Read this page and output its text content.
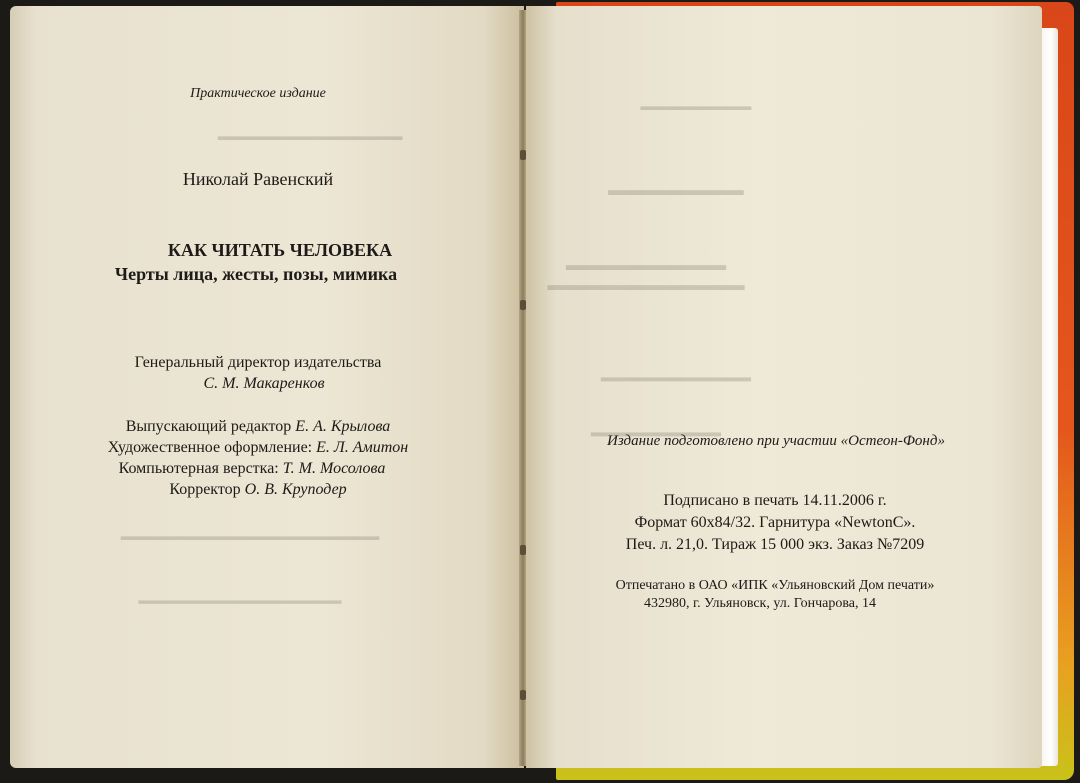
Практическое издание

Николай Равенский

КАК ЧИТАТЬ ЧЕЛОВЕКА

Черты лица, жесты, позы, мимика

Генеральный директор издательства

С. М. Макаренков

Выпускающий редактор Е. А. Крылова

Художественное оформление: Е. Л. Амитон

Компьютерная верстка: Т. М. Мосолова

Корректор О. В. Круподер

▂▂▂▂▂▂▂▂▂▂▂▂▂▂▂▂▂▂▂▂
▂▂▂▂▂▂▂▂▂▂▂▂▂▂▂▂▂▂▂▂▂▂▂▂▂▂▂▂
▂▂▂▂▂▂▂▂▂▂▂▂▂▂▂▂▂▂▂▂▂▂▂▂
▂▂▂▂▂▂▂▂▂▂▂▂
▂▂▂▂▂▂▂▂▂▂▂
▂▂▂▂▂▂▂▂▂▂▂▂▂
▂▂▂▂▂▂▂▂▂▂▂▂▂▂▂▂
▂▂▂▂▂▂▂▂▂▂▂▂▂▂▂
▂▂▂▂▂▂▂▂▂▂▂▂▂

Издание подготовлено при участии «Остеон-Фонд»

Подписано в печать 14.11.2006 г.

Формат 60x84/32. Гарнитура «NewtonC».

Печ. л. 21,0. Тираж 15 000 экз. Заказ №7209

Отпечатано в ОАО «ИПК «Ульяновский Дом печати»

432980, г. Ульяновск, ул. Гончарова, 14
